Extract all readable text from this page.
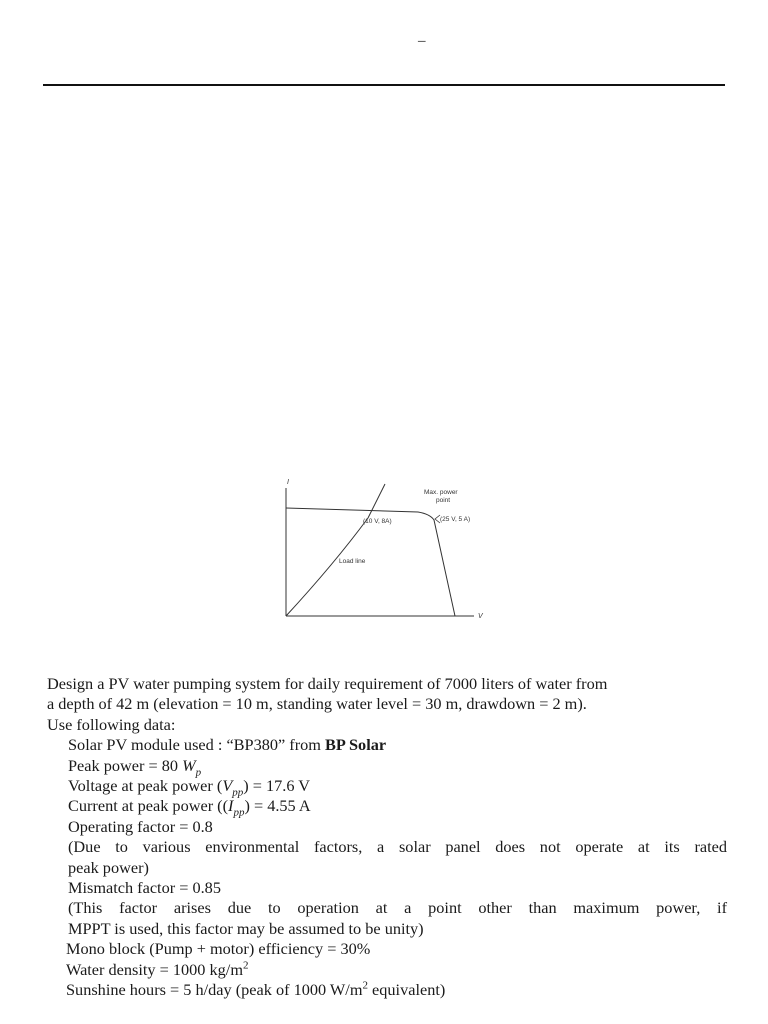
–
I
V
Max. power
point
(25 V, 5 A)
(10 V, 8A)
Load line
Design a PV water pumping system for daily requirement of 7000 liters of water from
a depth of 42 m (elevation = 10 m, standing water level = 30 m, drawdown = 2 m).
Use following data:
Solar PV module used : “BP380” from BP Solar
Peak power = 80 $W_p$
Voltage at peak power $(V_{pp}) = 17.6$ V
Current at peak power ($(I_{pp}) = 4.55$ A
Operating factor = 0.8
(Due to various environmental factors, a solar panel does not operate at its rated
peak power)
Mismatch factor = 0.85
(This factor arises due to operation at a point other than maximum power, if
MPPT is used, this factor may be assumed to be unity)
Mono block (Pump + motor) efficiency = 30%
Water density = 1000 $kg/m^2$
Sunshine hours = 5 h/day (peak of 1000 $W/m^2$ equivalent)
